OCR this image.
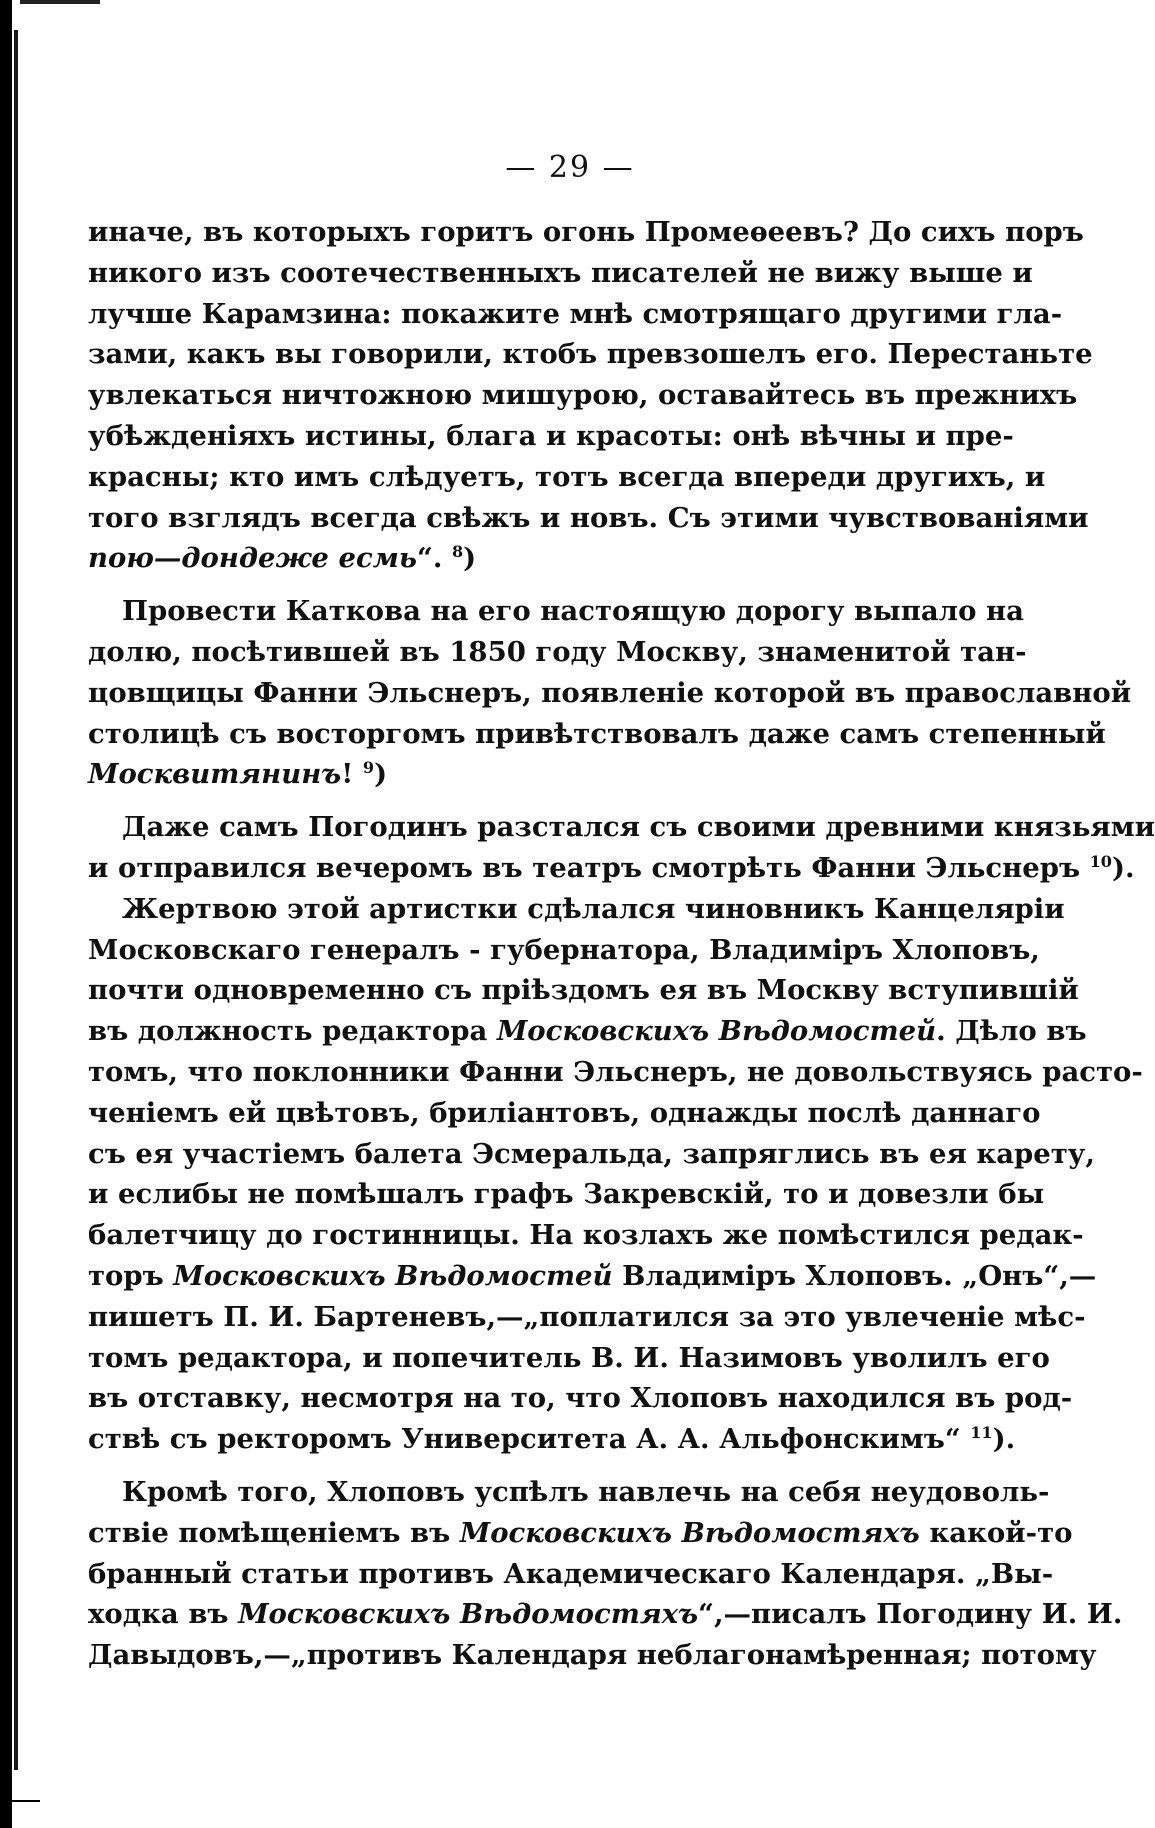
— 29 —
иначе, въ которыхъ горитъ огонь Промеѳеевъ? До сихъ поръ
никого изъ соотечественныхъ писателей не вижу выше и
лучше Карамзина: покажите мнѣ смотрящаго другими гла-
зами, какъ вы говорили, ктобъ превзошелъ его. Перестаньте
увлекаться ничтожною мишурою, оставайтесь въ прежнихъ
убѣжденіяхъ истины, блага и красоты: онѣ вѣчны и пре-
красны; кто имъ слѣдуетъ, тотъ всегда впереди другихъ, и
того взглядъ всегда свѣжъ и новъ. Съ этими чувствованіями
пою—дондеже есмь“. $^8$)
Провести Каткова на его настоящую дорогу выпало на
долю, посѣтившей въ 1850 году Москву, знаменитой тан-
цовщицы Фанни Эльснеръ, появленіе которой въ православной
столицѣ съ восторгомъ привѣтствовалъ даже самъ степенный
Москвитянинъ! $^9$)
Даже самъ Погодинъ разстался съ своими древними князьями
и отправился вечеромъ въ театръ смотрѣть Фанни Эльснеръ $^{10}$).
Жертвою этой артистки сдѣлался чиновникъ Канцеляріи
Московскаго генералъ - губернатора, Владиміръ Хлоповъ,
почти одновременно съ пріѣздомъ ея въ Москву вступившій
въ должность редактора Московскихъ Вѣдомостей. Дѣло въ
томъ, что поклонники Фанни Эльснеръ, не довольствуясь расто-
ченіемъ ей цвѣтовъ, бриліантовъ, однажды послѣ даннаго
съ ея участіемъ балета Эсмеральда, запряглись въ ея карету,
и еслибы не помѣшалъ графъ Закревскій, то и довезли бы
балетчицу до гостинницы. На козлахъ же помѣстился редак-
торъ Московскихъ Вѣдомостей Владиміръ Хлоповъ. „Онъ“,—
пишетъ П. И. Бартеневъ,—„поплатился за это увлеченіе мѣс-
томъ редактора, и попечитель В. И. Назимовъ уволилъ его
въ отставку, несмотря на то, что Хлоповъ находился въ род-
ствѣ съ ректоромъ Университета А. А. Альфонскимъ“ $^{11}$).
Кромѣ того, Хлоповъ успѣлъ навлечь на себя неудоволь-
ствіе помѣщеніемъ въ Московскихъ Вѣдомостяхъ какой-то
бранный статьи противъ Академическаго Календаря. „Вы-
ходка въ Московскихъ Вѣдомостяхъ“,—писалъ Погодину И. И.
Давыдовъ,—„противъ Календаря неблагонамѣренная; потому
